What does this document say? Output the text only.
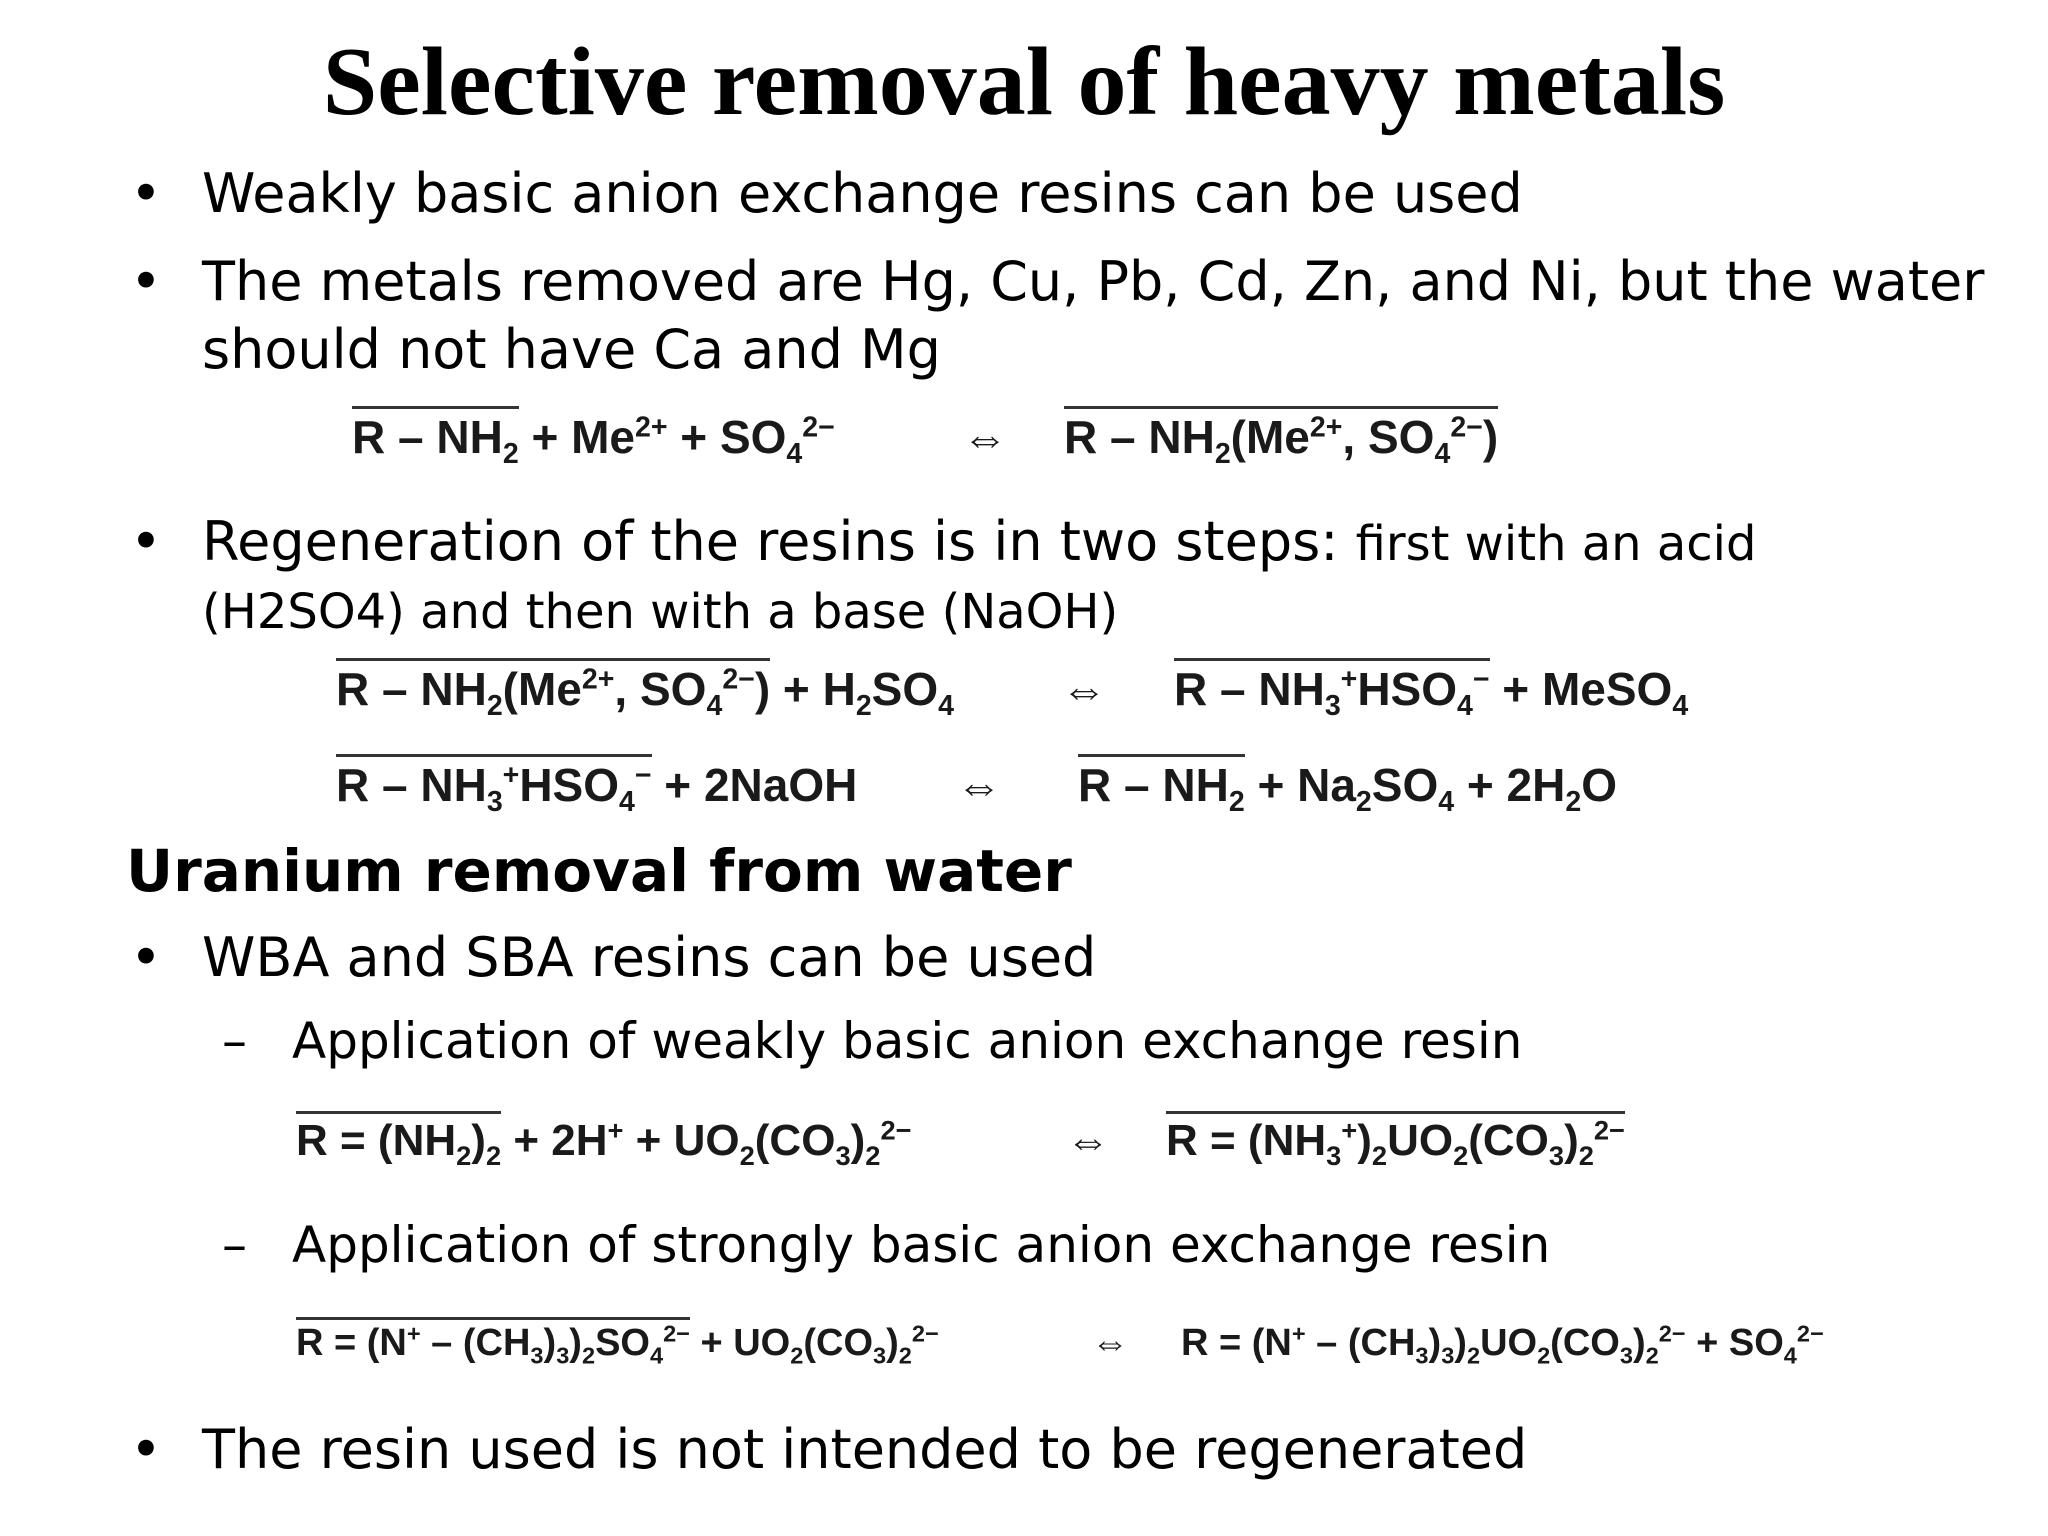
Selective removal of heavy metals
• Weakly basic anion exchange resins can be used
• The metals removed are Hg, Cu, Pb, Cd, Zn, and Ni, but the water should not have Ca and Mg
$R - NH_2 + Me^{2+} + SO_4^{2-}$	⇔ R – $NH_2(Me^{2+}$, $SO_4^{2-}$)
• Regeneration of the resins is in two steps: first with an acid
(H2SO4) and then with a base (NaOH)
R – $NH_2(Me^{2+}$, $SO_4^{2-}) + H_2SO_4$ ⇔ R – $NH_3^+HSO_4^-$ + MeSO$_4$
R – $NH_3^+HSO_4^-$ + 2NaOH ⇔ $R - NH_2 + Na_2SO_4 + 2H_2O$
Uranium removal from water
• WBA and SBA resins can be used
– Application of weakly basic anion exchange resin
$R = (NH_2)_2 + 2H^+ + UO_2(CO_3)_2^{2-}$	⇔ $R = (NH_3^+)_2UO_2(CO_3)_2^{2-}$
– Application of strongly basic anion exchange resin
$R = (N^+ - (CH_3)_3)_2SO_4^{2-} + UO_2(CO_3)_2^{2-}$	⇔ $R = (N^+ - (CH_3)_3)_2UO_2(CO_3)_2^{2-} + SO_4^{2-}$
• The resin used is not intended to be regenerated
